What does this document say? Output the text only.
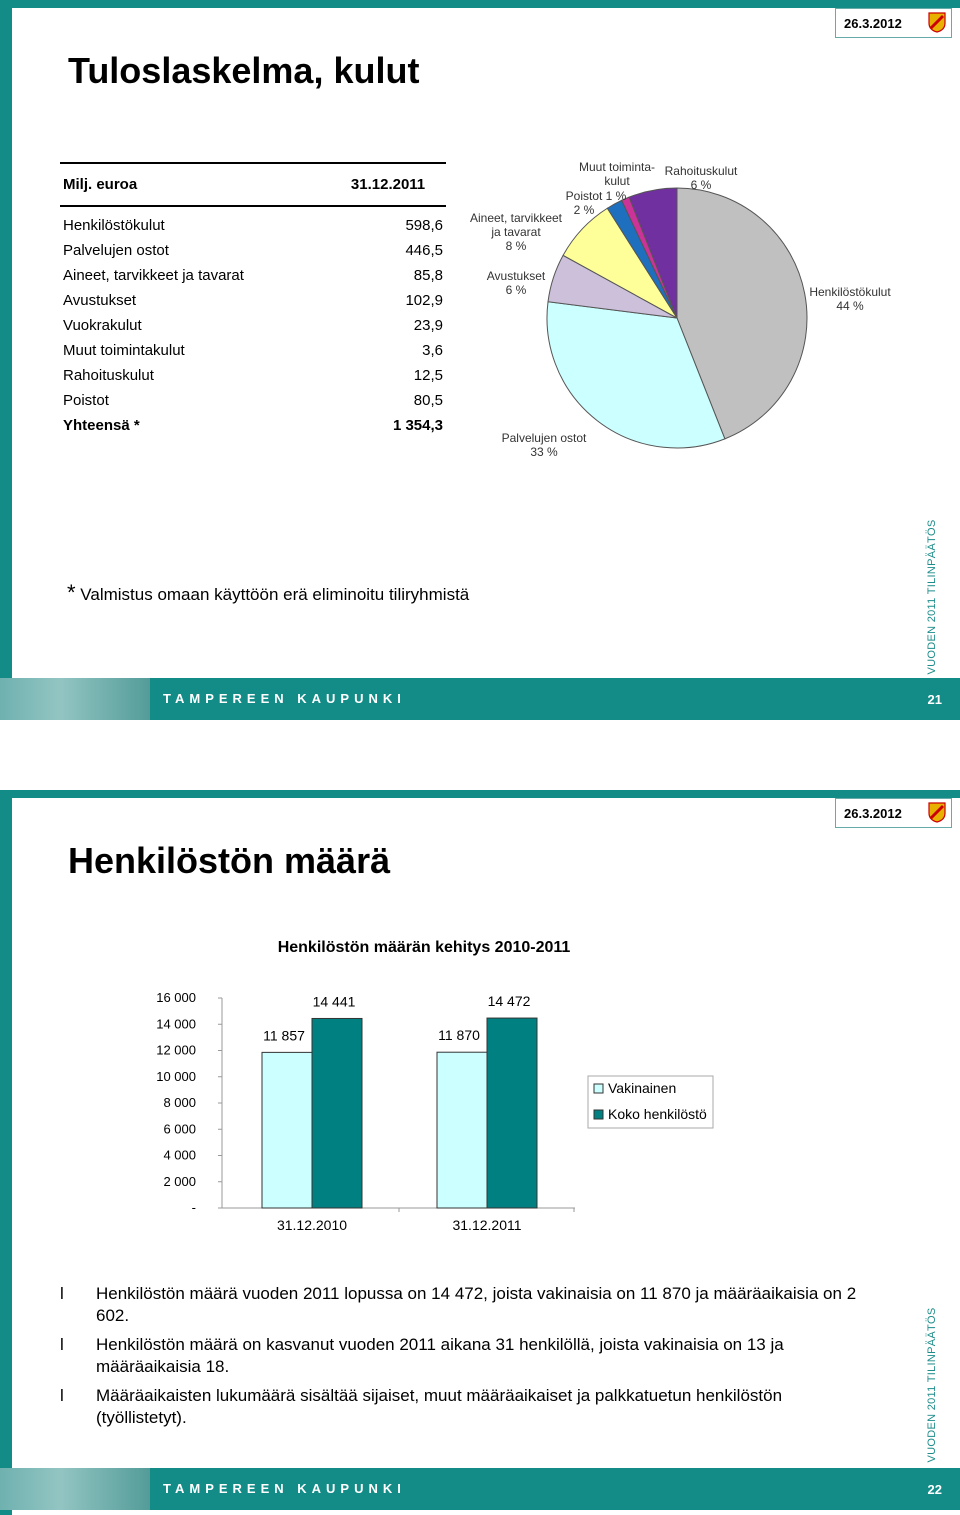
26.3.2012
Tuloslaskelma, kulut
Milj. euroa	31.12.2011
Henkilöstökulut	598,6
Palvelujen ostot	446,5
Aineet, tarvikkeet ja tavarat	85,8
Avustukset	102,9
Vuokrakulut	23,9
Muut toimintakulut	3,6
Rahoituskulut	12,5
Poistot	80,5
Yhteensä *	1 354,3
Henkilöstökulut 44 %
Palvelujen ostot 33 %
Avustukset 6 %
Aineet, tarvikkeet ja tavarat 8 %
Muut toiminta-kulut
Poistot 1 %
Rahoituskulut 6 %
2 %
* Valmistus omaan käyttöön erä eliminoitu tiliryhmistä	VUODEN 2011 TILINPÄÄTÖS
TAMPEREEN KAUPUNKI	21
26.3.2012
Henkilöstön määrä
Henkilöstön määrän kehitys 2010-2011
-
2 000
4 000
6 000
8 000
10 000
12 000
14 000
16 000
11 857
14 441
31.12.2010
11 870
14 472
31.12.2011
Vakinainen
Koko henkilöstö
VUODEN 2011 TILINPÄÄTÖS
TAMPEREEN KAUPUNKI	22
l Henkilöstön määrä vuoden 2011 lopussa on 14 472, joista vakinaisia on 11 870 ja määräaikaisia on 2 602.
l Henkilöstön määrä on kasvanut vuoden 2011 aikana 31 henkilöllä, joista vakinaisia on 13 ja määräaikaisia 18.
l Määräaikaisten lukumäärä sisältää sijaiset, muut määräaikaiset ja palkkatuetun henkilöstön (työllistetyt).
